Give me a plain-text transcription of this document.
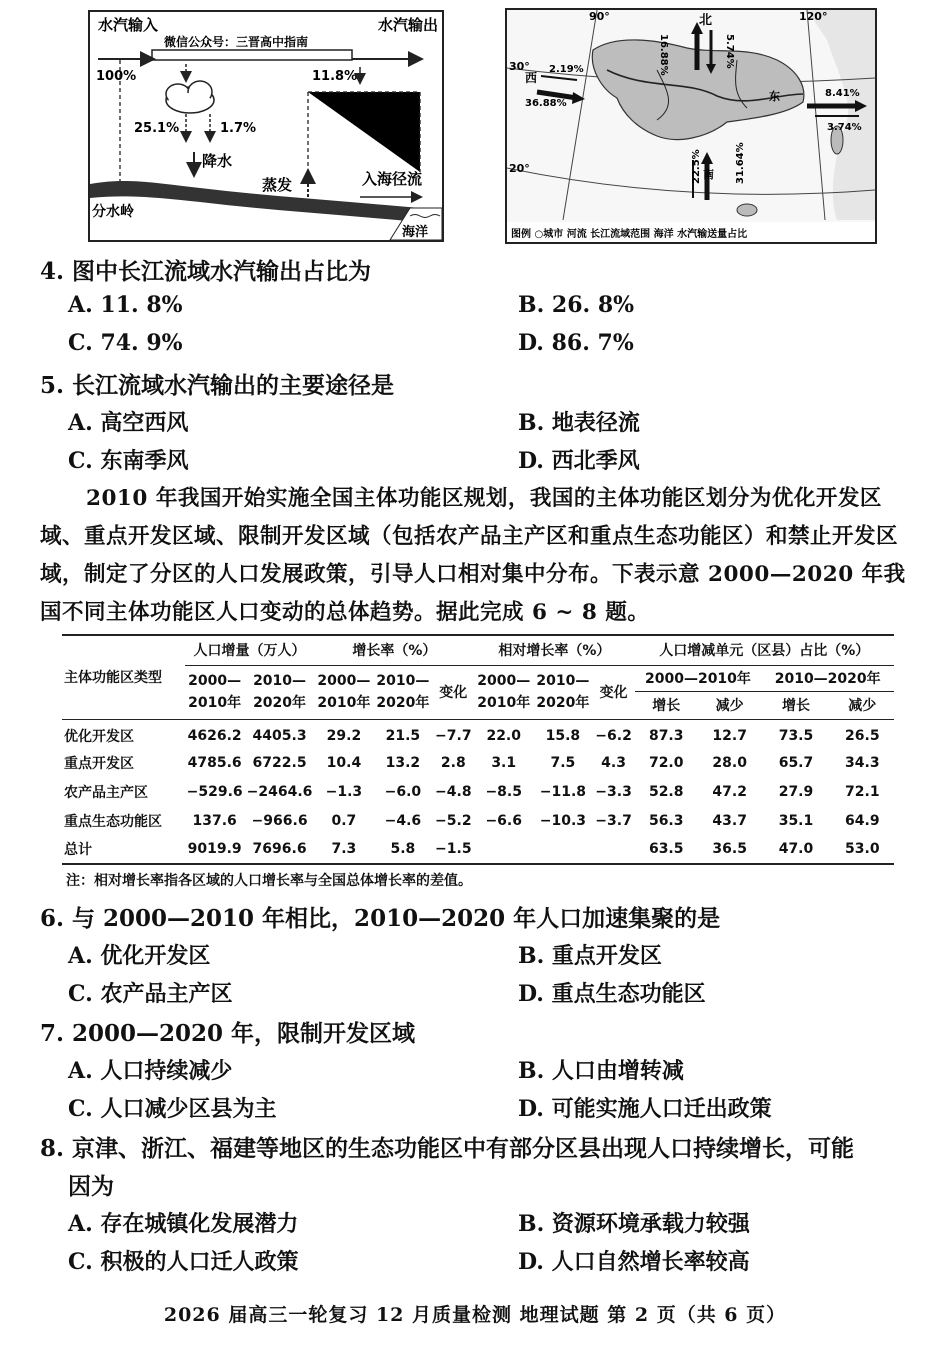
水汽输入
微信公众号：三晋高中指南
水汽输出
100%	11.8%
25.1%	1.7%
降水
蒸发	入海径流
分水岭
海洋
90°	120°
30°
20°
北
16.88%	5.74%
西
2.19%
36.88%
东	8.41%
3.74%
南
22.5%	31.64%
图例 ○城市 河流 长江流域范围 海洋 水汽输送量占比
4. 图中长江流域水汽输出占比为
A. 11. 8%	B. 26. 8%
C. 74. 9%	D. 86. 7%
5. 长江流域水汽输出的主要途径是
A. 高空西风	B. 地表径流
C. 东南季风	D. 西北季风
2010 年我国开始实施全国主体功能区规划，我国的主体功能区划分为优化开发区域、重点开发区域、限制开发区域（包括农产品主产区和重点生态功能区）和禁止开发区域，制定了分区的人口发展政策，引导人口相对集中分布。下表示意 2000—2020 年我国不同主体功能区人口变动的总体趋势。据此完成 6 ~ 8 题。
主体功能区类型	人口增量（万人）		增长率（%）			相对增长率（%）			人口增减单元（区县）占比（%）			
	2000—2010年	2010—2020年	2000—2010年	2010—2020年	变化	2000—2010年	2010—2020年	变化	2000—2010年		2010—2020年	
									增长	减少	增长	减少
优化开发区	4626.2	4405.3	29.2	21.5	−7.7	22.0	15.8	−6.2	87.3	12.7	73.5	26.5
重点开发区	4785.6	6722.5	10.4	13.2	2.8	3.1	7.5	4.3	72.0	28.0	65.7	34.3
农产品主产区	−529.6	−2464.6	−1.3	−6.0	−4.8	−8.5	−11.8	−3.3	52.8	47.2	27.9	72.1
重点生态功能区	137.6	−966.6	0.7	−4.6	−5.2	−6.6	−10.3	−3.7	56.3	43.7	35.1	64.9
总计	9019.9	7696.6	7.3	5.8	−1.5				63.5	36.5	47.0	53.0
注：相对增长率指各区域的人口增长率与全国总体增长率的差值。
6. 与 2000—2010 年相比，2010—2020 年人口加速集聚的是
A. 优化开发区	B. 重点开发区
C. 农产品主产区	D. 重点生态功能区
7. 2000—2020 年，限制开发区域
A. 人口持续减少	B. 人口由增转减
C. 人口减少区县为主	D. 可能实施人口迁出政策
8. 京津、浙江、福建等地区的生态功能区中有部分区县出现人口持续增长，可能
因为
A. 存在城镇化发展潜力	B. 资源环境承载力较强
C. 积极的人口迁人政策	D. 人口自然增长率较高
2026 届高三一轮复习 12 月质量检测 地理试题 第 2 页（共 6 页）
